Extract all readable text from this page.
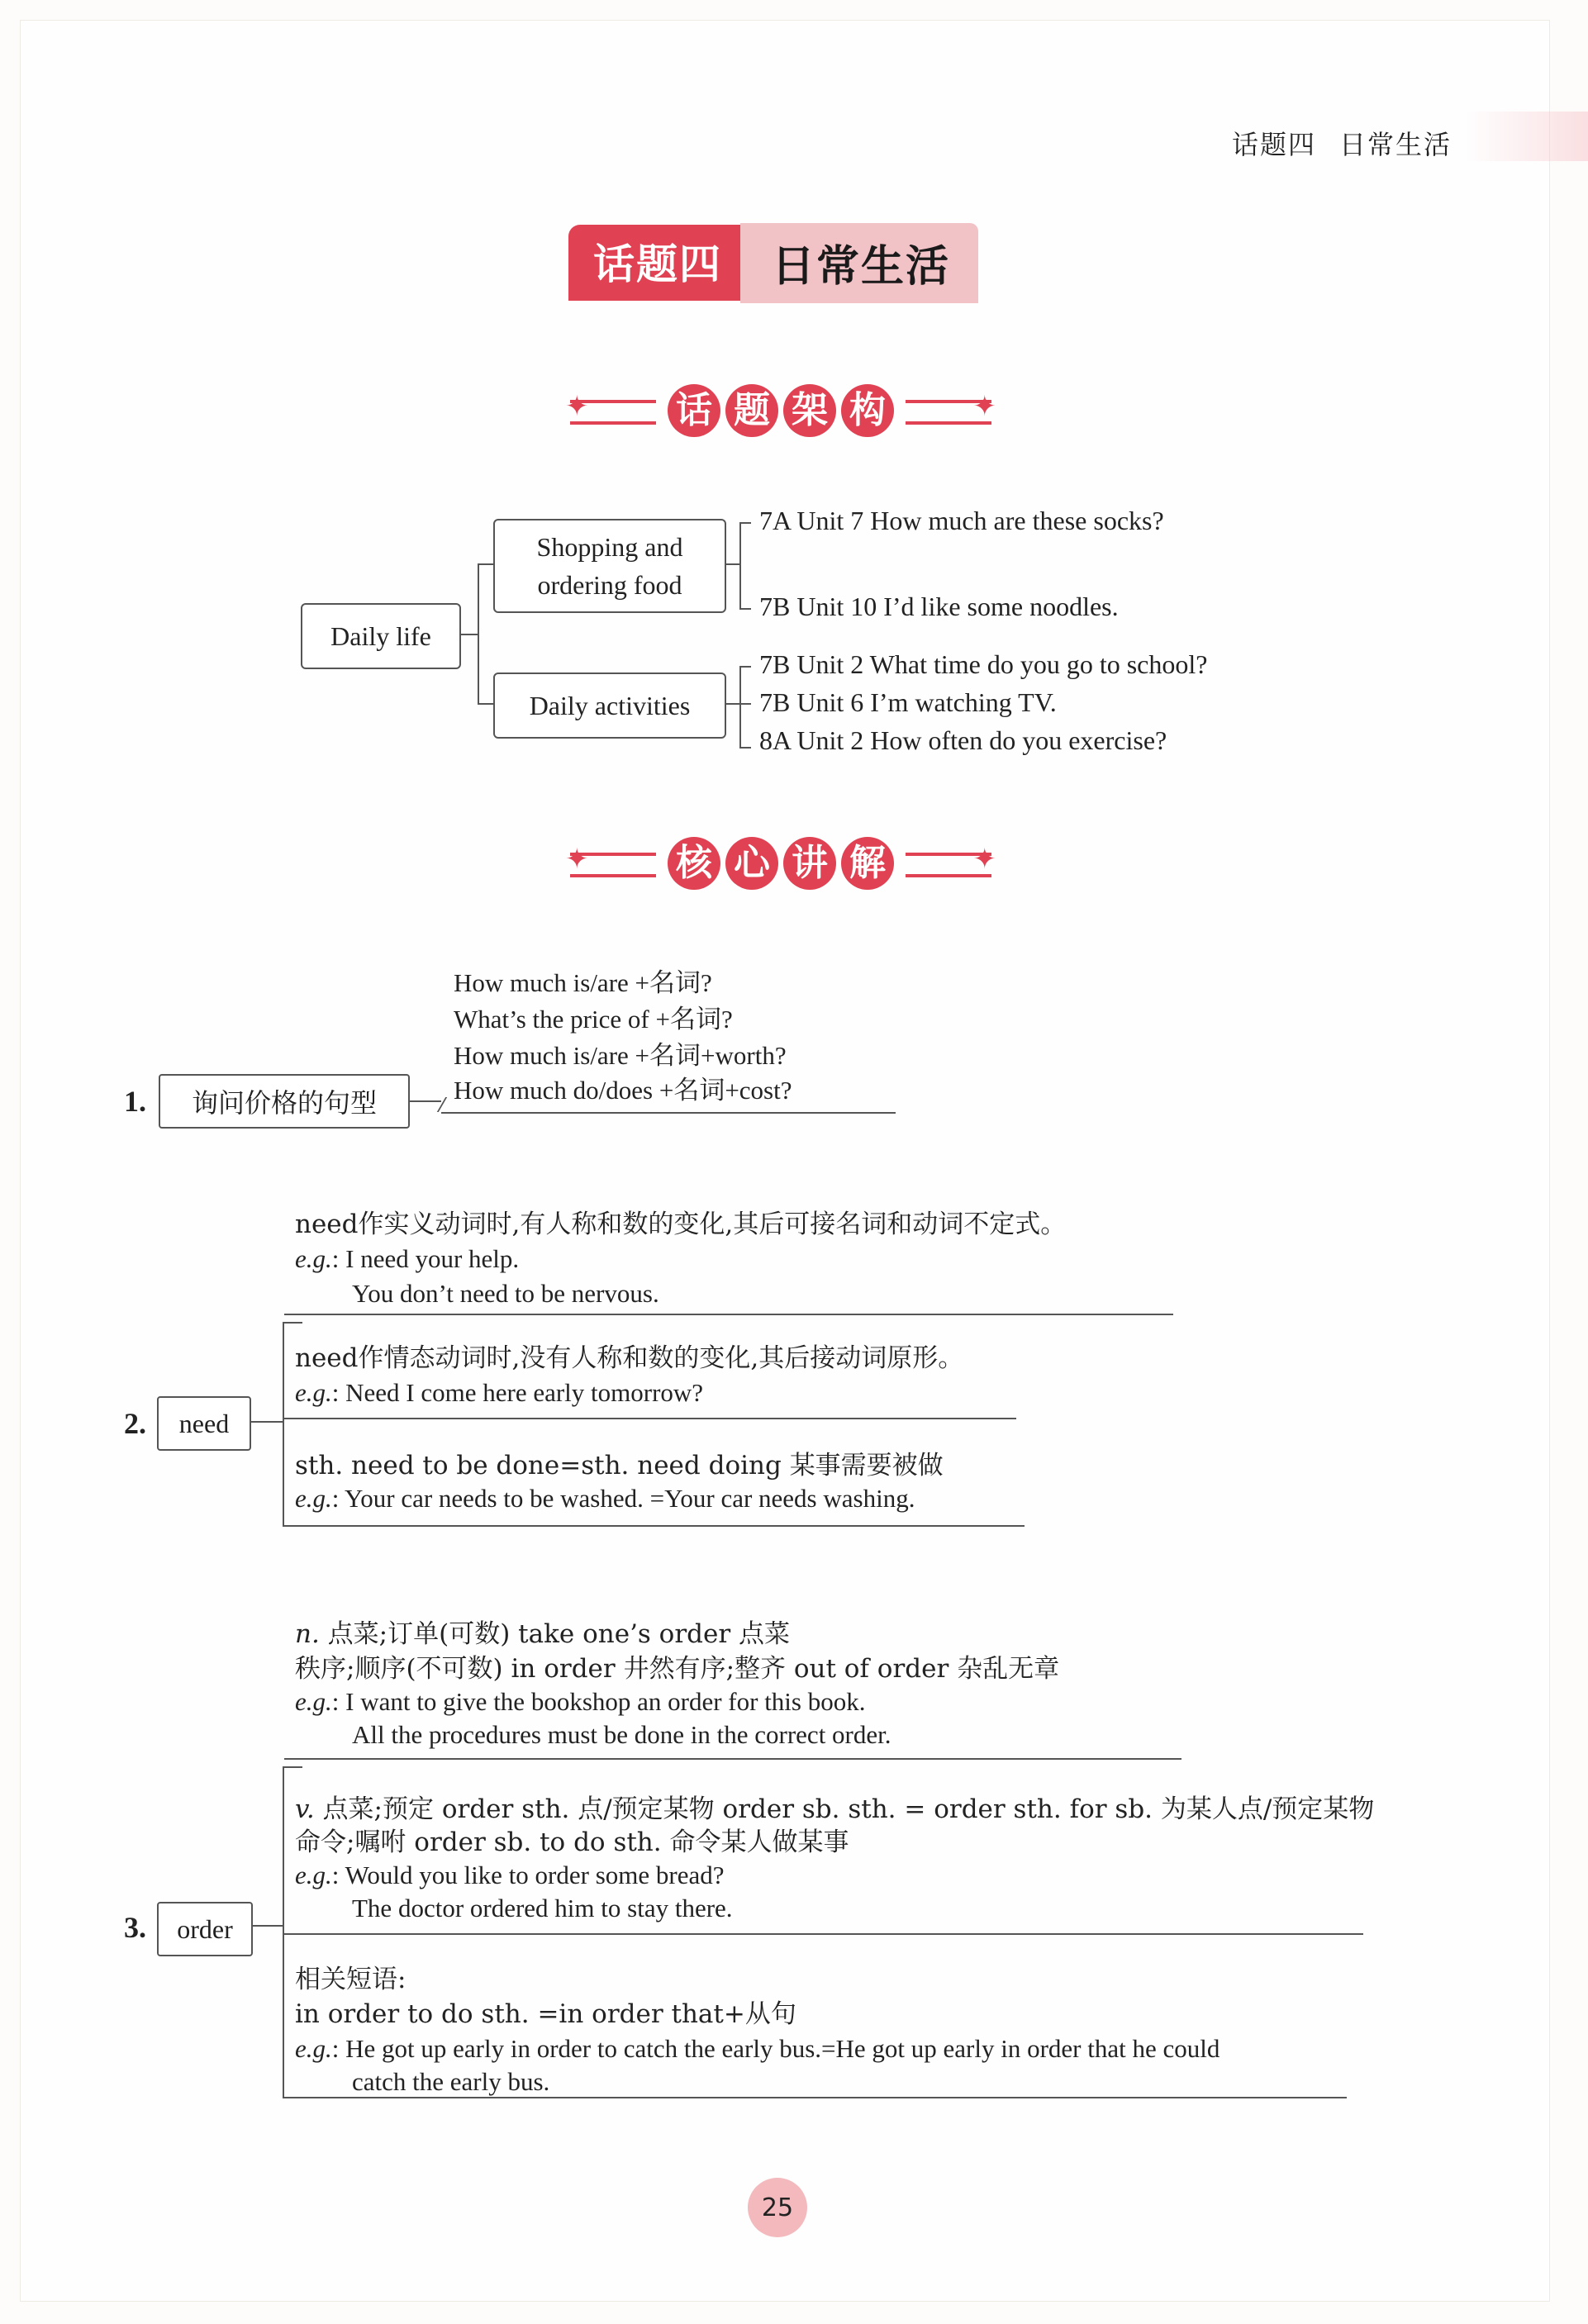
话题四 日常生活
话题四	日常生活
✦	✦
话 题 架 构
Daily life
Shopping and
ordering food
7A Unit 7 How much are these socks?
7B Unit 10 I’d like some noodles.
Daily activities
7B Unit 2 What time do you go to school?
7B Unit 6 I’m watching TV.
8A Unit 2 How often do you exercise?
✦	✦
核 心 讲 解
1.	询问价格的句型
How much is/are +名词?
What’s the price of +名词?
How much is/are +名词+worth?
How much do/does +名词+cost?
2.	need
need作实义动词时,有人称和数的变化,其后可接名词和动词不定式。
e.g.: I need your help.
You don’t need to be nervous.
need作情态动词时,没有人称和数的变化,其后接动词原形。
e.g.: Need I come here early tomorrow?
sth. need to be done=sth. need doing 某事需要被做
e.g.: Your car needs to be washed. =Your car needs washing.
3.	order
n. 点菜;订单(可数) take one’s order 点菜
秩序;顺序(不可数) in order 井然有序;整齐 out of order 杂乱无章
e.g.: I want to give the bookshop an order for this book.
All the procedures must be done in the correct order.
v. 点菜;预定 order sth. 点/预定某物 order sb. sth. = order sth. for sb. 为某人点/预定某物
命令;嘱咐 order sb. to do sth. 命令某人做某事
e.g.: Would you like to order some bread?
The doctor ordered him to stay there.
相关短语:
in order to do sth. =in order that+从句
e.g.: He got up early in order to catch the early bus.=He got up early in order that he could
catch the early bus.
25
